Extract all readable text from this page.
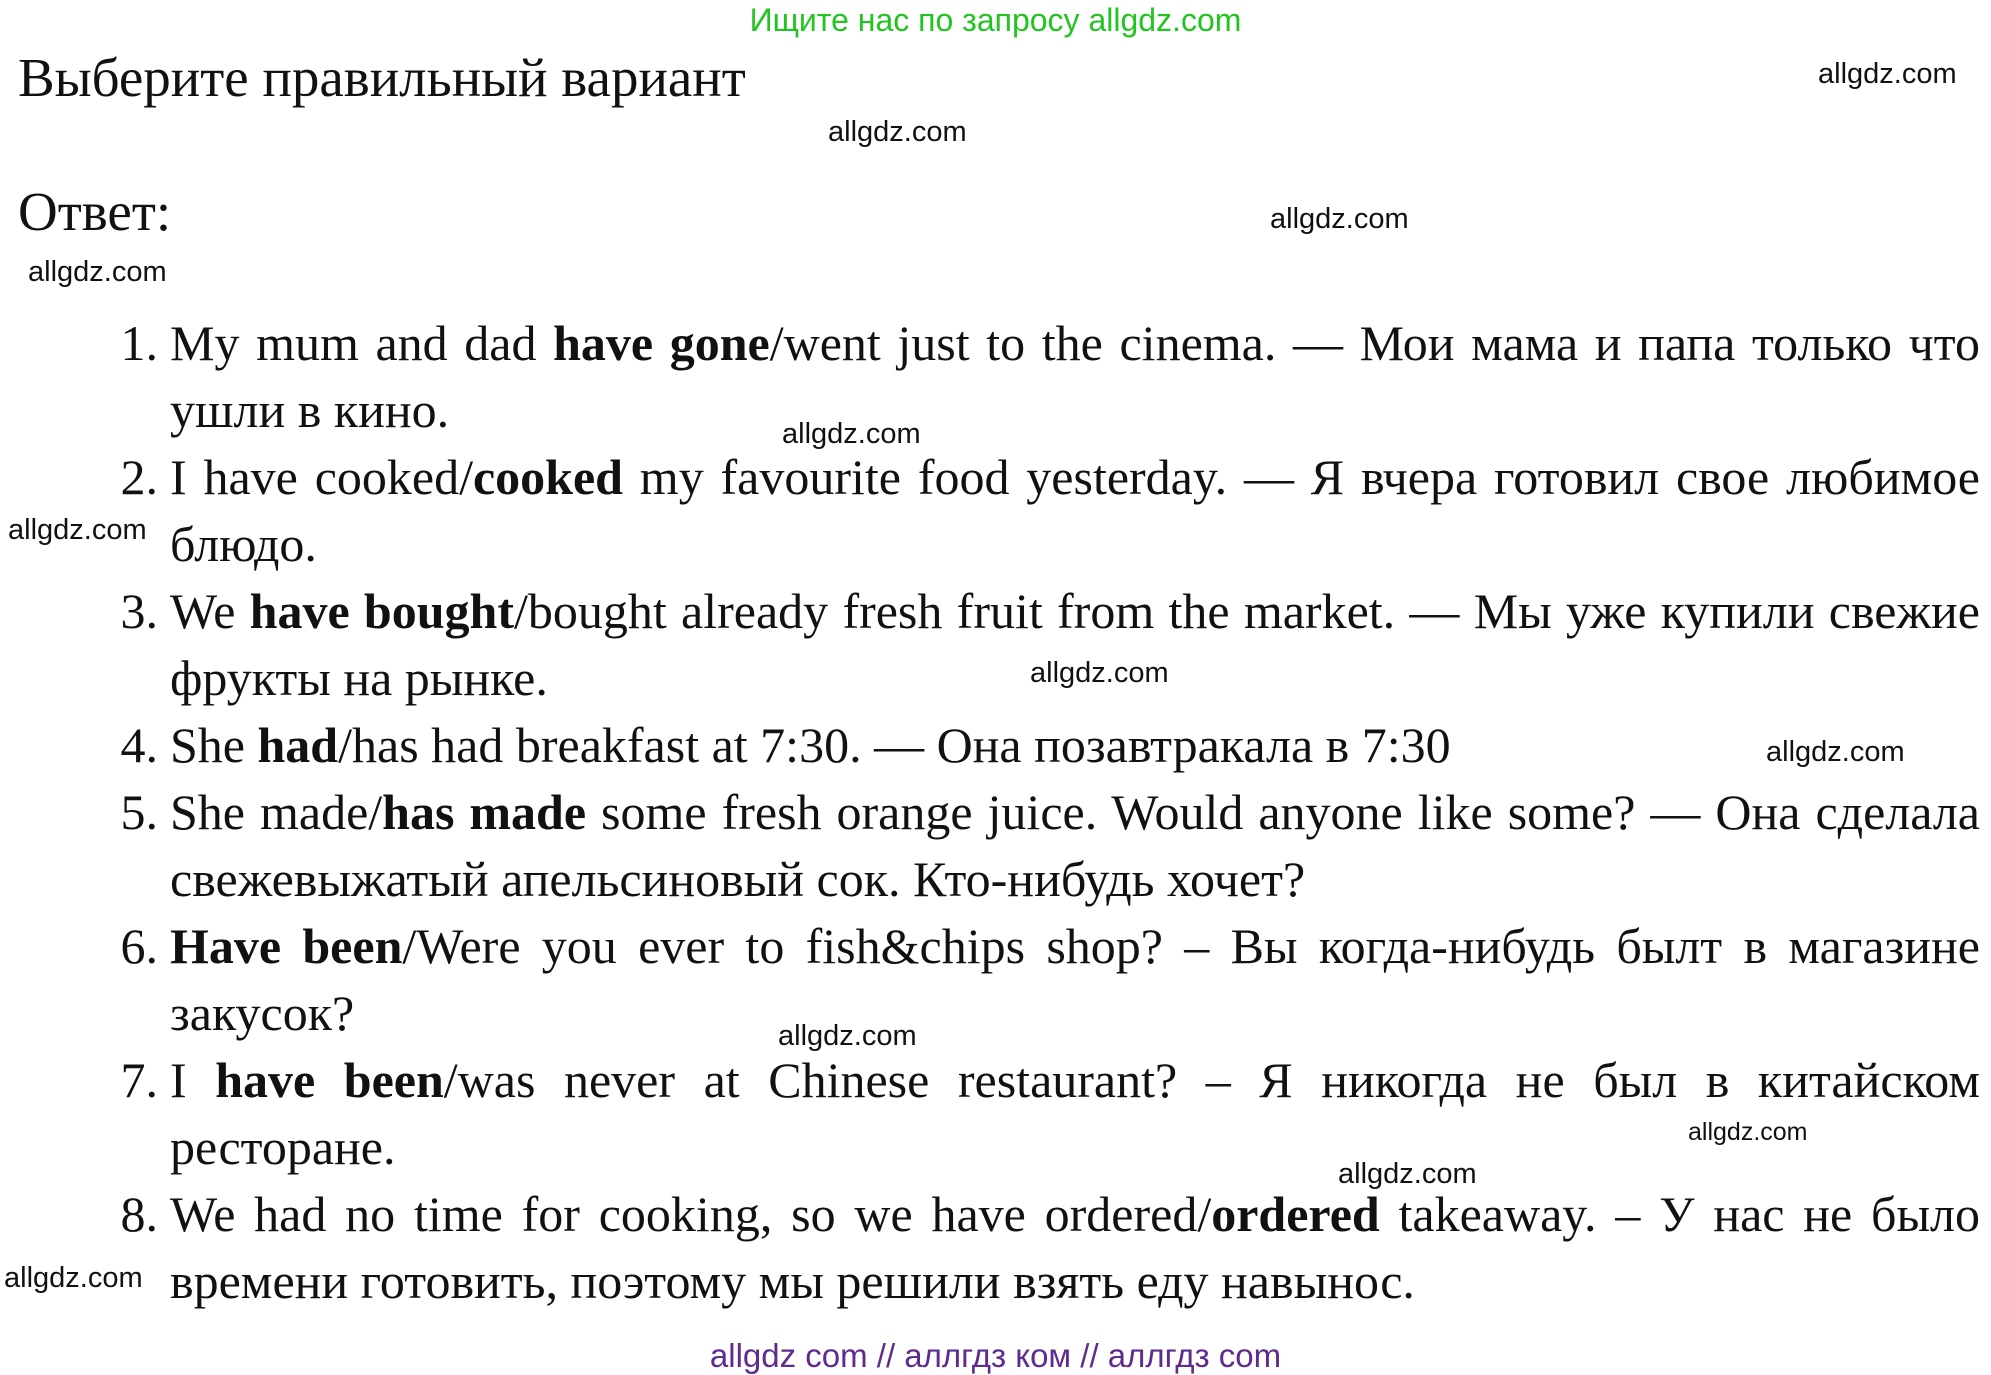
Ищите нас по запросу allgdz.com
Выберите правильный вариант
Ответ:
1. My mum and dad have gone/went just to the cinema. — Мои мама и папа только что ушли в кино.
2. I have cooked/cooked my favourite food yesterday. — Я вчера готовил свое любимое блюдо.
3. We have bought/bought already fresh fruit from the market. — Мы уже купили свежие фрукты на рынке.
4. She had/has had breakfast at 7:30. — Она позавтракала в 7:30
5. She made/has made some fresh orange juice. Would anyone like some? — Она сделала свежевыжатый апельсиновый сок. Кто-нибудь хочет?
6. Have been/Were you ever to fish&chips shop? – Вы когда-нибудь былт в магазине закусок?
7. I have been/was never at Chinese restaurant? – Я никогда не был в китайском ресторане.
8. We had no time for cooking, so we have ordered/ordered takeaway. – У нас не было времени готовить, поэтому мы решили взять еду навынос.
allgdz.com
allgdz.com
allgdz.com
allgdz.com
allgdz.com
allgdz.com
allgdz.com
allgdz.com
allgdz.com
allgdz.com
allgdz.com
allgdz.com
allgdz com // аллгдз ком // аллгдз com
